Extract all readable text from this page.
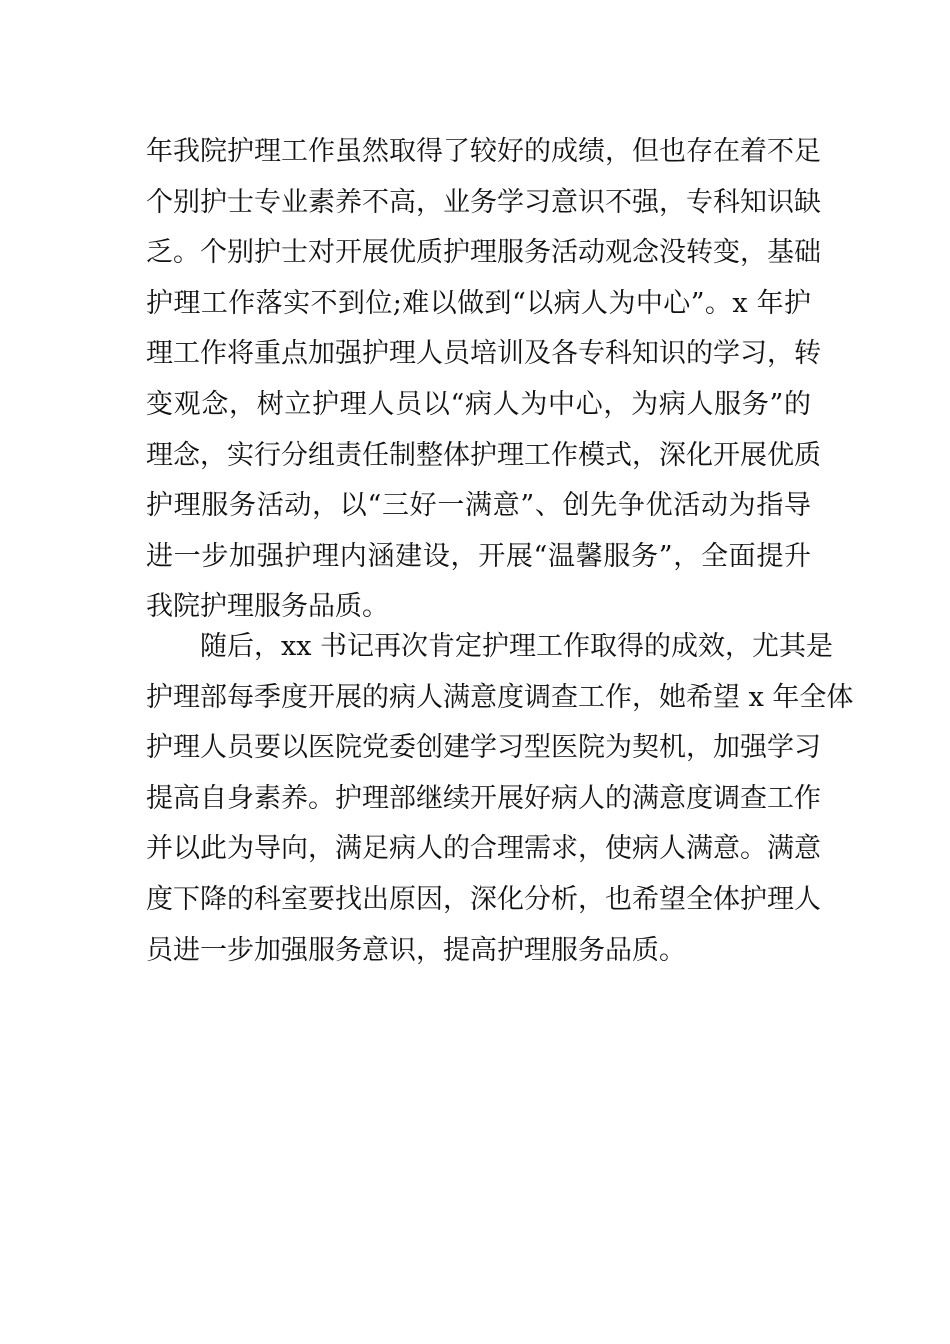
年我院护理工作虽然取得了较好的成绩，但也存在着不足
个别护士专业素养不高，业务学习意识不强，专科知识缺
乏。个别护士对开展优质护理服务活动观念没转变，基础
护理工作落实不到位;难以做到“以病人为中心”。x 年护
理工作将重点加强护理人员培训及各专科知识的学习，转
变观念，树立护理人员以“病人为中心，为病人服务”的
理念，实行分组责任制整体护理工作模式，深化开展优质
护理服务活动，以“三好一满意”、创先争优活动为指导
进一步加强护理内涵建设，开展“温馨服务”，全面提升
我院护理服务品质。
随后，xx 书记再次肯定护理工作取得的成效，尤其是
护理部每季度开展的病人满意度调查工作，她希望 x 年全体
护理人员要以医院党委创建学习型医院为契机，加强学习
提高自身素养。护理部继续开展好病人的满意度调查工作
并以此为导向，满足病人的合理需求，使病人满意。满意
度下降的科室要找出原因，深化分析，也希望全体护理人
员进一步加强服务意识，提高护理服务品质。
